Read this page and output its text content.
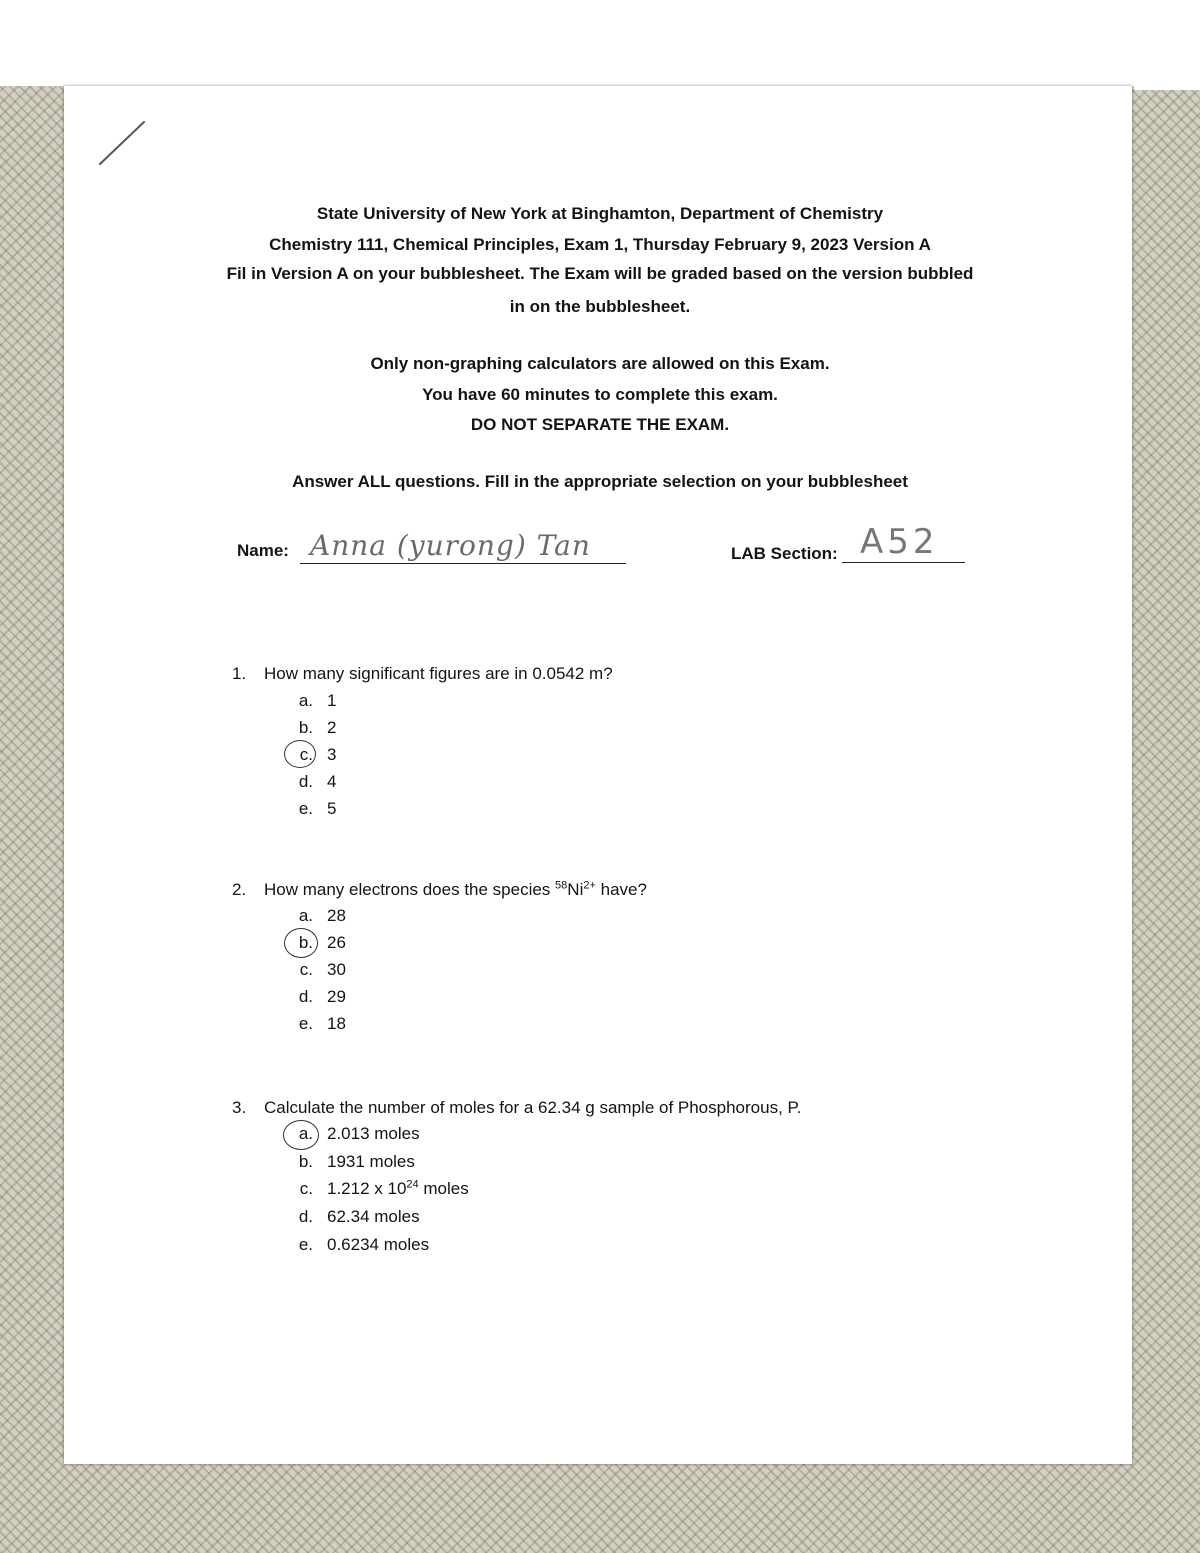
State University of New York at Binghamton, Department of Chemistry
Chemistry 111, Chemical Principles, Exam 1, Thursday February 9, 2023 Version A
Fil in Version A on your bubblesheet. The Exam will be graded based on the version bubbled
in on the bubblesheet.
Only non-graphing calculators are allowed on this Exam.
You have 60 minutes to complete this exam.
DO NOT SEPARATE THE EXAM.
Answer ALL questions. Fill in the appropriate selection on your bubblesheet
Name: Anna (yurong) Tan	LAB Section: A52
1. How many significant figures are in 0.0542 m?
a. 1
b. 2
c. 3
d. 4
e. 5
2. How many electrons does the species $^{58}Ni^{2+}$ have?
a. 28
b. 26
c. 30
d. 29
e. 18
3. Calculate the number of moles for a 62.34 g sample of Phosphorous, P.
a. 2.013 moles
b. 1931 moles
c. 1.212 x $10^{24}$ moles
d. 62.34 moles
e. 0.6234 moles
